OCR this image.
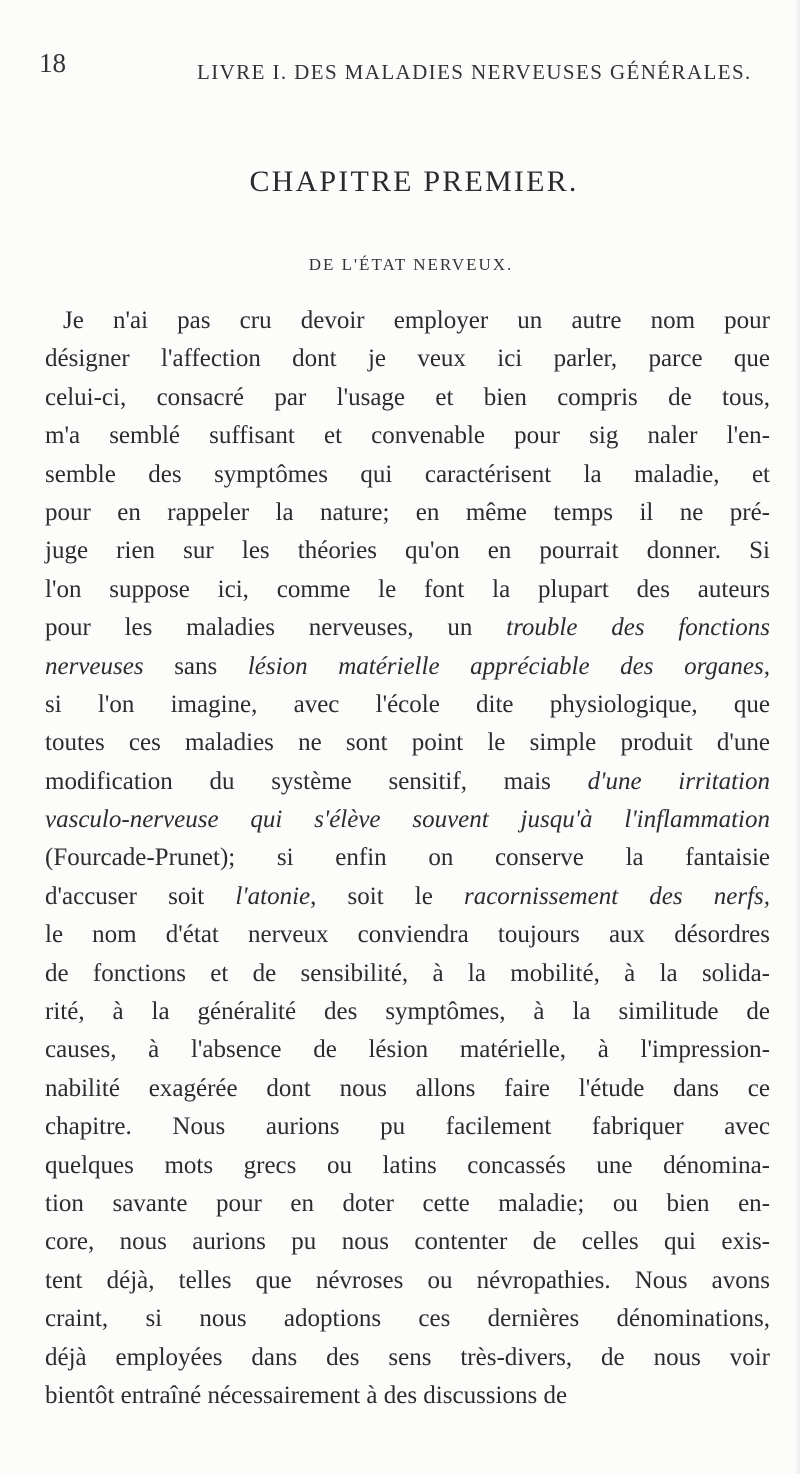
18	LIVRE I. DES MALADIES NERVEUSES GÉNÉRALES.
CHAPITRE PREMIER.
DE L'ÉTAT NERVEUX.
Je n'ai pas cru devoir employer un autre nom pour
désigner l'affection dont je veux ici parler, parce que
celui-ci, consacré par l'usage et bien compris de tous,
m'a semblé suffisant et convenable pour sig naler l'en-
semble des symptômes qui caractérisent la maladie, et
pour en rappeler la nature; en même temps il ne pré-
juge rien sur les théories qu'on en pourrait donner. Si
l'on suppose ici, comme le font la plupart des auteurs
pour les maladies nerveuses, un trouble des fonctions
nerveuses sans lésion matérielle appréciable des organes,
si l'on imagine, avec l'école dite physiologique, que
toutes ces maladies ne sont point le simple produit d'une
modification du système sensitif, mais d'une irritation
vasculo-nerveuse qui s'élève souvent jusqu'à l'inflammation
(Fourcade-Prunet); si enfin on conserve la fantaisie
d'accuser soit l'atonie, soit le racornissement des nerfs,
le nom d'état nerveux conviendra toujours aux désordres
de fonctions et de sensibilité, à la mobilité, à la solida-
rité, à la généralité des symptômes, à la similitude de
causes, à l'absence de lésion matérielle, à l'impression-
nabilité exagérée dont nous allons faire l'étude dans ce
chapitre. Nous aurions pu facilement fabriquer avec
quelques mots grecs ou latins concassés une dénomina-
tion savante pour en doter cette maladie; ou bien en-
core, nous aurions pu nous contenter de celles qui exis-
tent déjà, telles que névroses ou névropathies. Nous avons
craint, si nous adoptions ces dernières dénominations,
déjà employées dans des sens très-divers, de nous voir
bientôt entraîné nécessairement à des discussions de
